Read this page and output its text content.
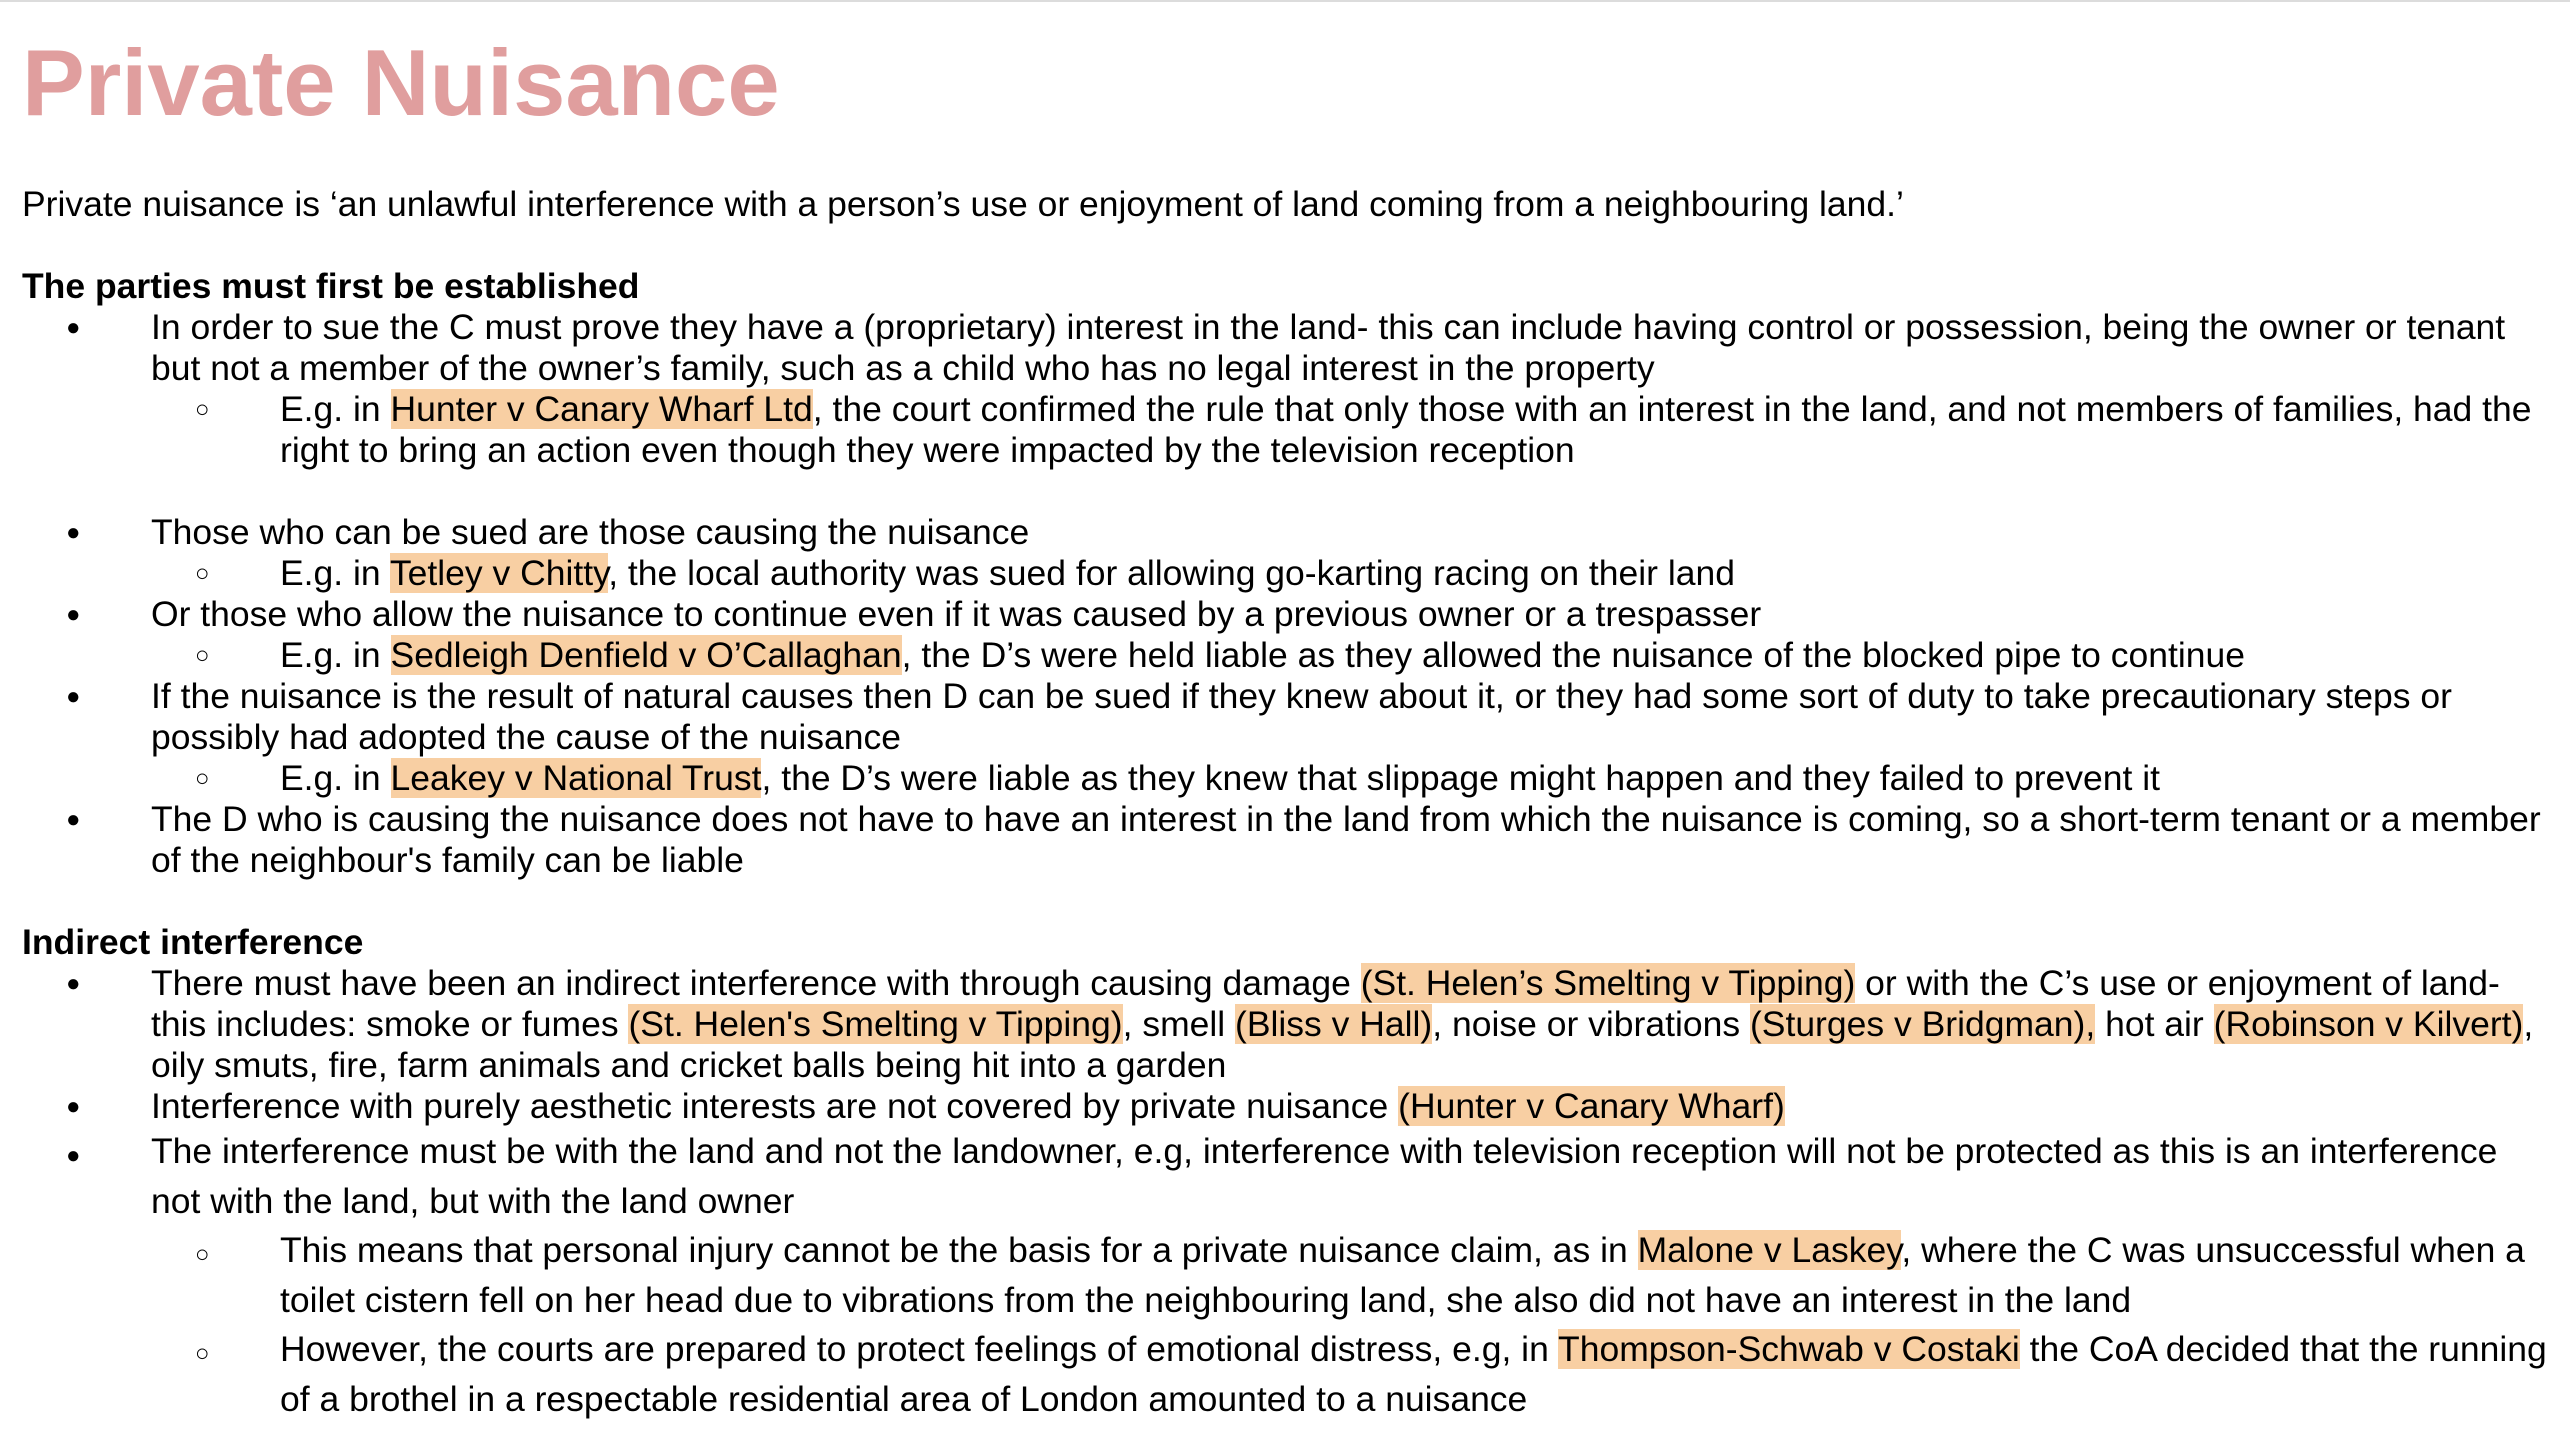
Private Nuisance

Private nuisance is ‘an unlawful interference with a person’s use or enjoyment of land coming from a neighbouring land.’

The parties must first be established

● In order to sue the C must prove they have a (proprietary) interest in the land- this can include having control or possession, being the owner or tenant but not a member of the owner’s family, such as a child who has no legal interest in the property
○ E.g. in Hunter v Canary Wharf Ltd, the court confirmed the rule that only those with an interest in the land, and not members of families, had the right to bring an action even though they were impacted by the television reception
● Those who can be sued are those causing the nuisance
○ E.g. in Tetley v Chitty, the local authority was sued for allowing go-karting racing on their land
● Or those who allow the nuisance to continue even if it was caused by a previous owner or a trespasser
○ E.g. in Sedleigh Denfield v O’Callaghan, the D’s were held liable as they allowed the nuisance of the blocked pipe to continue
● If the nuisance is the result of natural causes then D can be sued if they knew about it, or they had some sort of duty to take precautionary steps or possibly had adopted the cause of the nuisance
○ E.g. in Leakey v National Trust, the D’s were liable as they knew that slippage might happen and they failed to prevent it
● The D who is causing the nuisance does not have to have an interest in the land from which the nuisance is coming, so a short-term tenant or a member of the neighbour's family can be liable

Indirect interference

● There must have been an indirect interference with through causing damage (St. Helen’s Smelting v Tipping) or with the C’s use or enjoyment of land- this includes: smoke or fumes (St. Helen's Smelting v Tipping), smell (Bliss v Hall), noise or vibrations (Sturges v Bridgman), hot air (Robinson v Kilvert), oily smuts, fire, farm animals and cricket balls being hit into a garden
● Interference with purely aesthetic interests are not covered by private nuisance (Hunter v Canary Wharf)
● The interference must be with the land and not the landowner, e.g, interference with television reception will not be protected as this is an interference not with the land, but with the land owner
○ This means that personal injury cannot be the basis for a private nuisance claim, as in Malone v Laskey, where the C was unsuccessful when a toilet cistern fell on her head due to vibrations from the neighbouring land, she also did not have an interest in the land
○ However, the courts are prepared to protect feelings of emotional distress, e.g, in Thompson-Schwab v Costaki the CoA decided that the running of a brothel in a respectable residential area of London amounted to a nuisance
